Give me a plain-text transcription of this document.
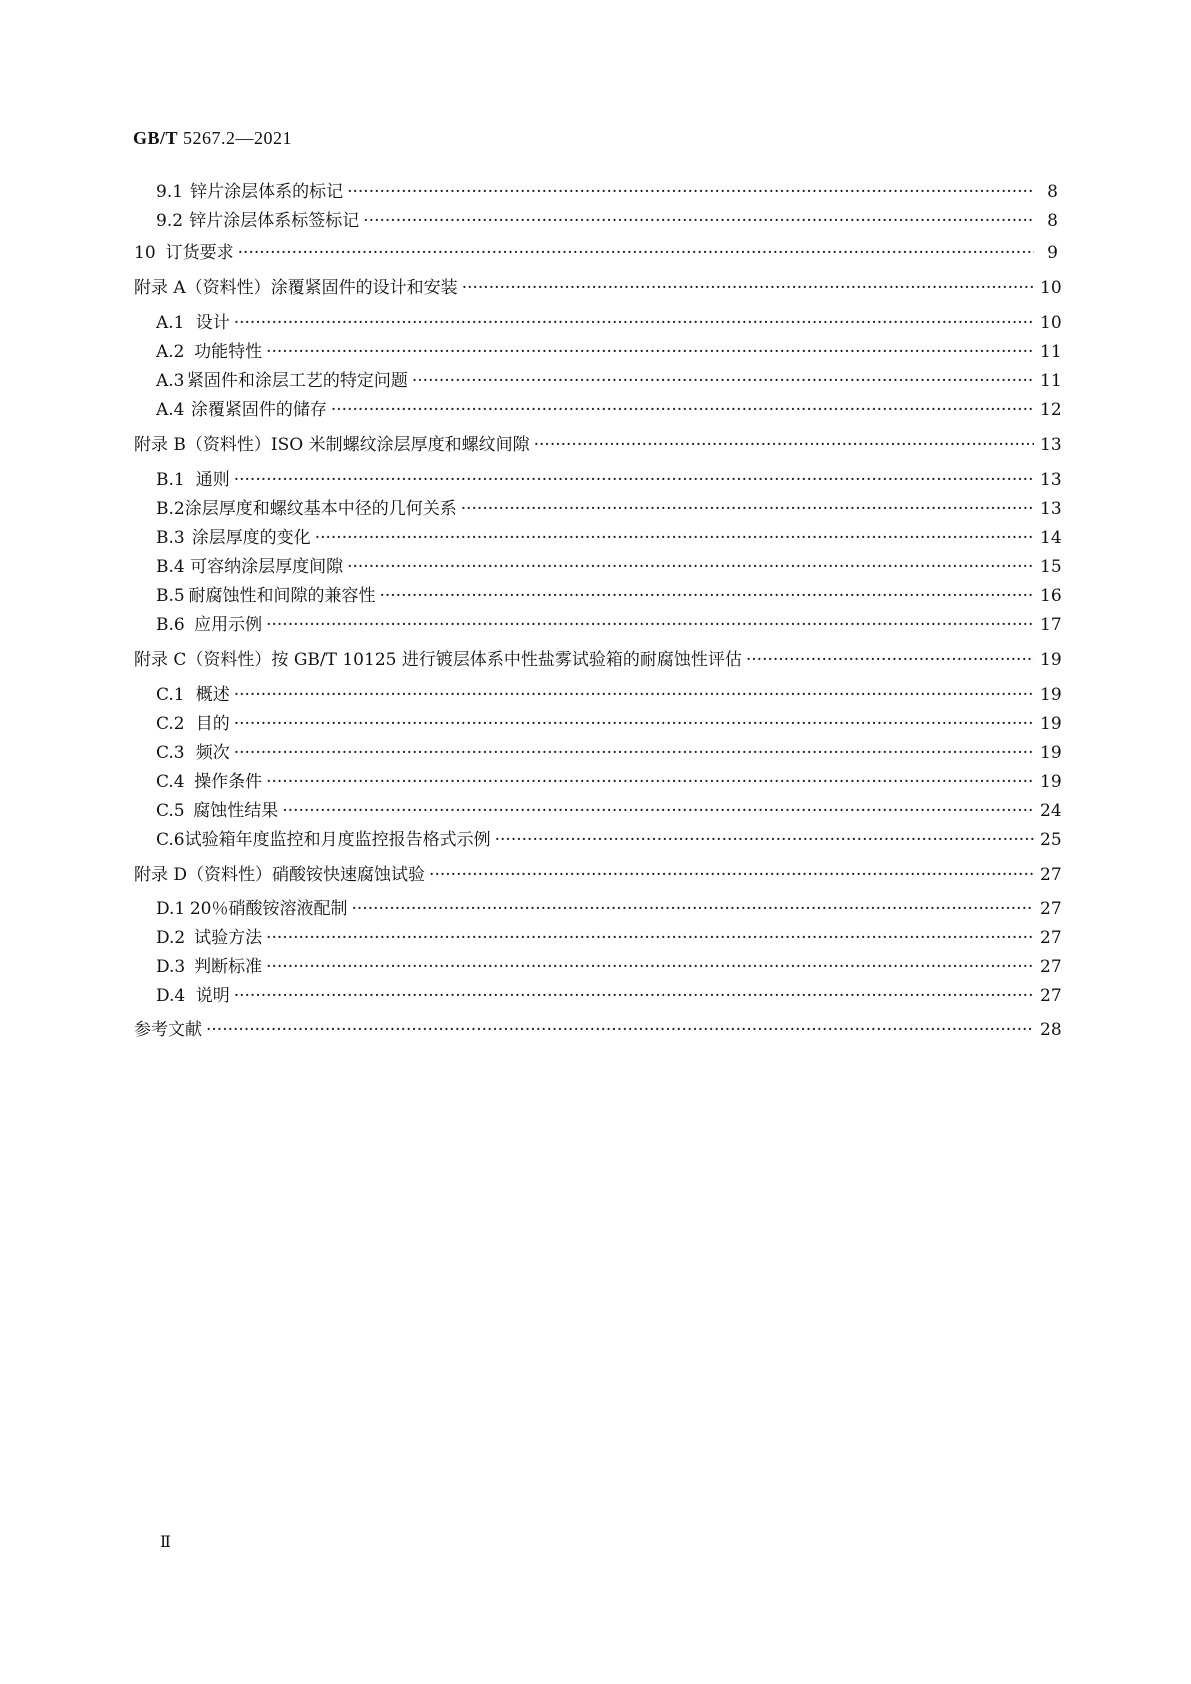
GB/T 5267.2—2021
9.1 锌片涂层体系的标记 ·····	8
9.2 锌片涂层体系标签标记 ·····	8
10 订货要求 ·····	9
附录 A（资料性） 涂覆紧固件的设计和安装 ·····	10
A.1 设计 ·····	10
A.2 功能特性 ·····	11
A.3 紧固件和涂层工艺的特定问题 ·····	11
A.4 涂覆紧固件的储存 ·····	12
附录 B（资料性） ISO 米制螺纹涂层厚度和螺纹间隙 ·····	13
B.1 通则 ·····	13
B.2 涂层厚度和螺纹基本中径的几何关系 ·····	13
B.3 涂层厚度的变化 ·····	14
B.4 可容纳涂层厚度间隙 ·····	15
B.5 耐腐蚀性和间隙的兼容性 ·····	16
B.6 应用示例 ·····	17
附录 C（资料性） 按 GB/T 10125 进行镀层体系中性盐雾试验箱的耐腐蚀性评估 ·····	19
C.1 概述 ·····	19
C.2 目的 ·····	19
C.3 频次 ·····	19
C.4 操作条件 ·····	19
C.5 腐蚀性结果 ·····	24
C.6 试验箱年度监控和月度监控报告格式示例 ·····	25
附录 D（资料性） 硝酸铵快速腐蚀试验 ·····	27
D.1 20％硝酸铵溶液配制 ·····	27
D.2 试验方法 ·····	27
D.3 判断标准 ·····	27
D.4 说明 ·····	27
参考文献 ·····	28
Ⅱ
